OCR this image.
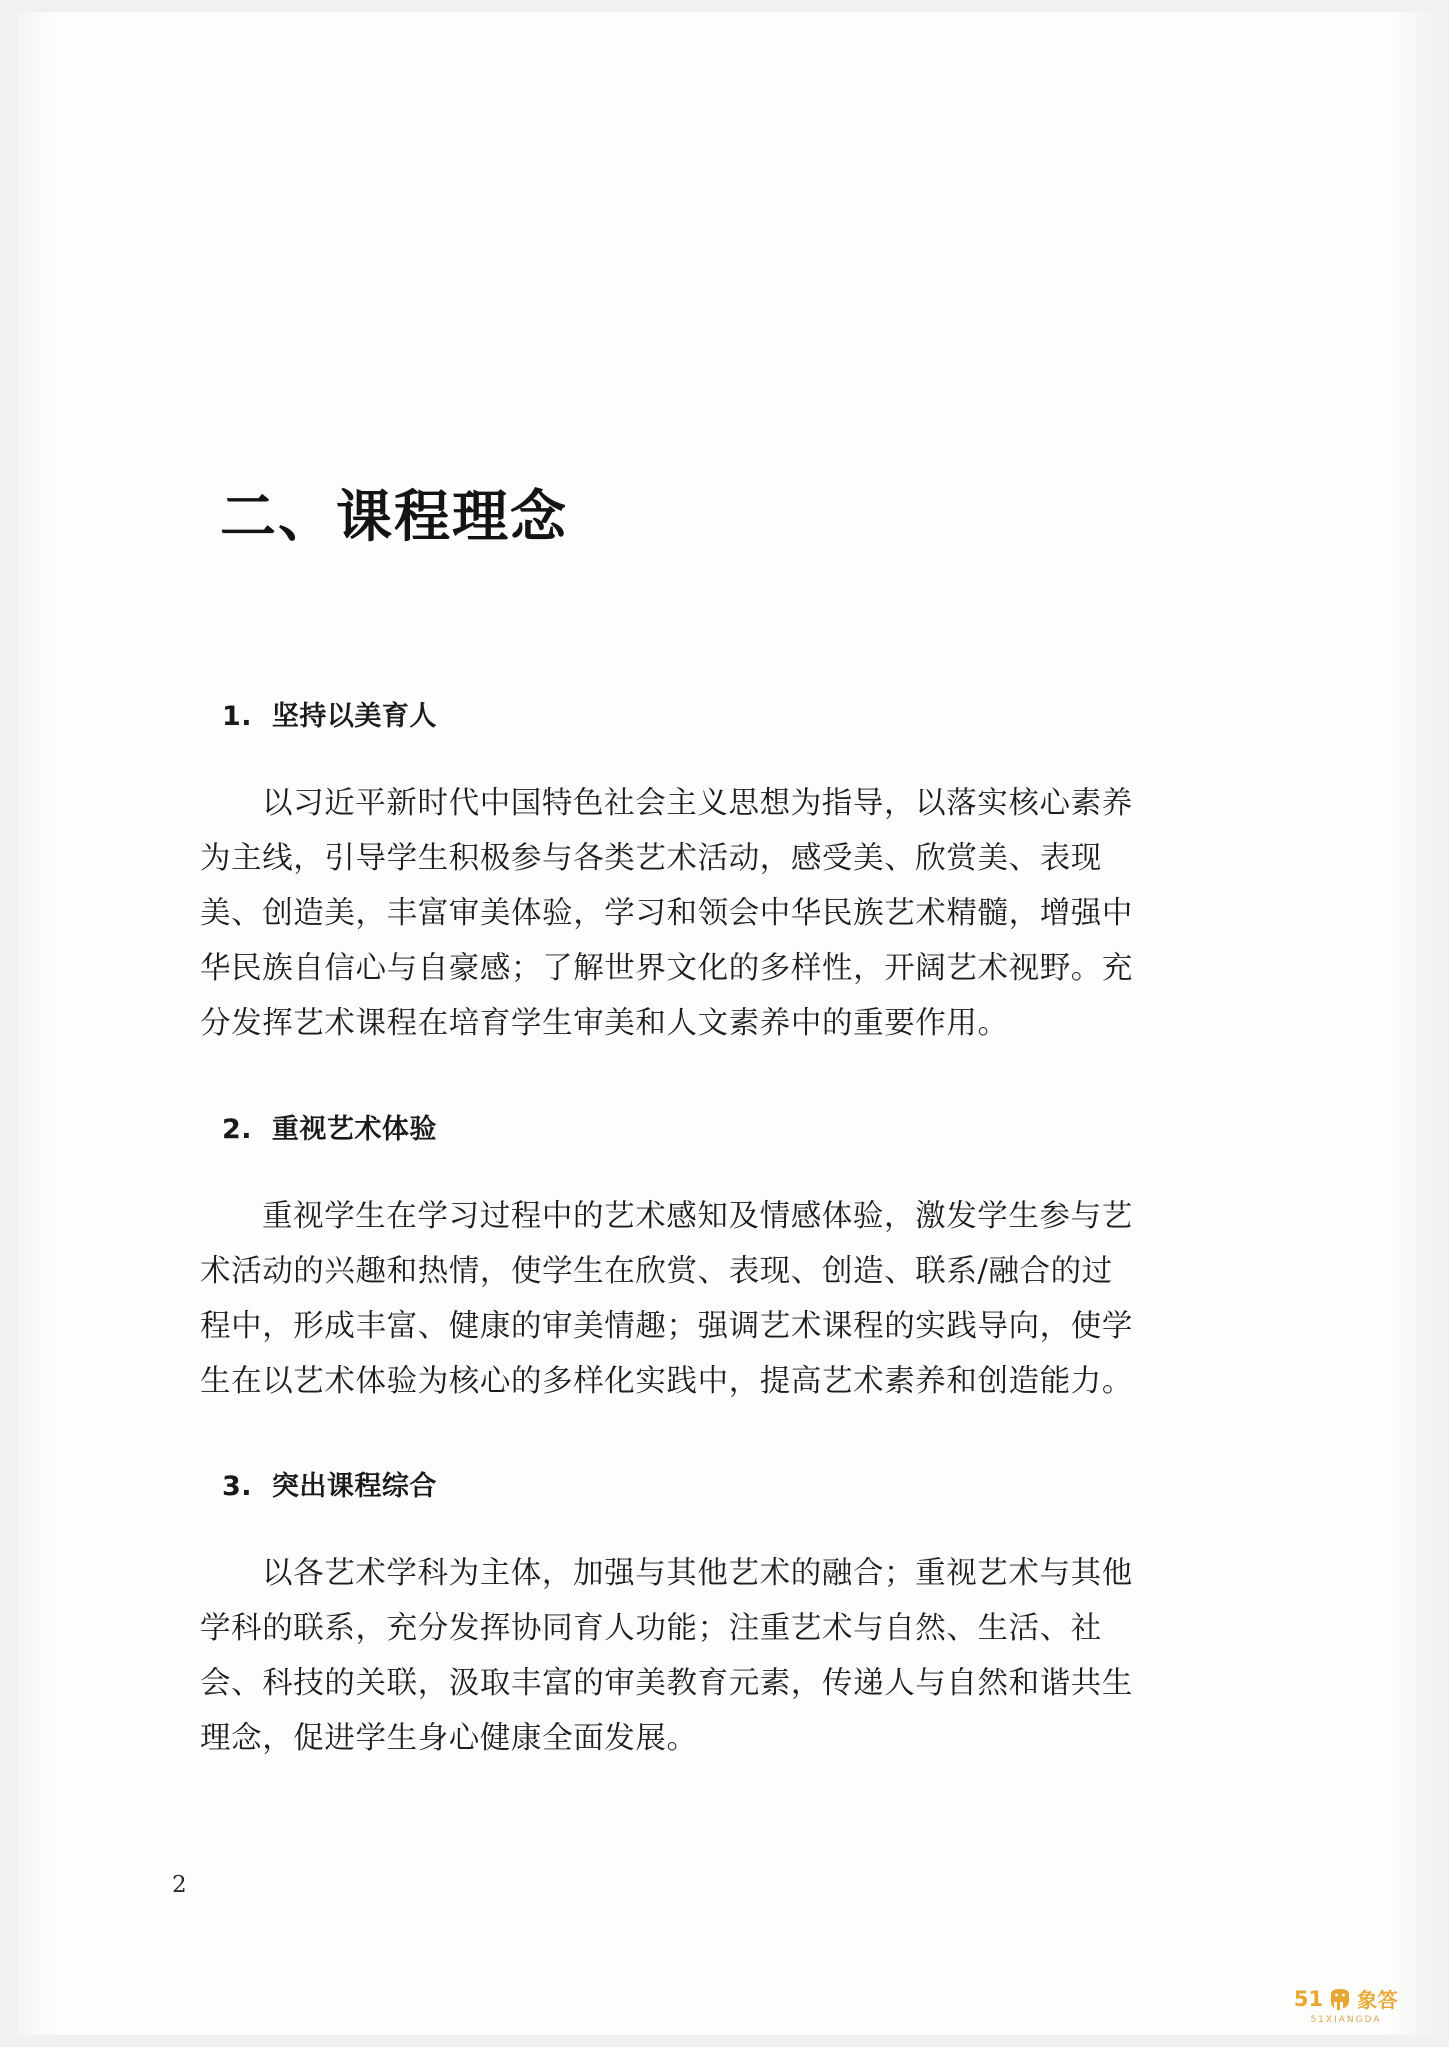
二、课程理念
1.  坚持以美育人

以习近平新时代中国特色社会主义思想为指导，以落实核心素养
为主线，引导学生积极参与各类艺术活动，感受美、欣赏美、表现
美、创造美，丰富审美体验，学习和领会中华民族艺术精髓，增强中
华民族自信心与自豪感；了解世界文化的多样性，开阔艺术视野。充
分发挥艺术课程在培育学生审美和人文素养中的重要作用。

2.  重视艺术体验

重视学生在学习过程中的艺术感知及情感体验，激发学生参与艺
术活动的兴趣和热情，使学生在欣赏、表现、创造、联系/融合的过
程中，形成丰富、健康的审美情趣；强调艺术课程的实践导向，使学
生在以艺术体验为核心的多样化实践中，提高艺术素养和创造能力。

3.  突出课程综合

以各艺术学科为主体，加强与其他艺术的融合；重视艺术与其他
学科的联系，充分发挥协同育人功能；注重艺术与自然、生活、社
会、科技的关联，汲取丰富的审美教育元素，传递人与自然和谐共生
理念，促进学生身心健康全面发展。

2
51 象答
51XIANGDA
